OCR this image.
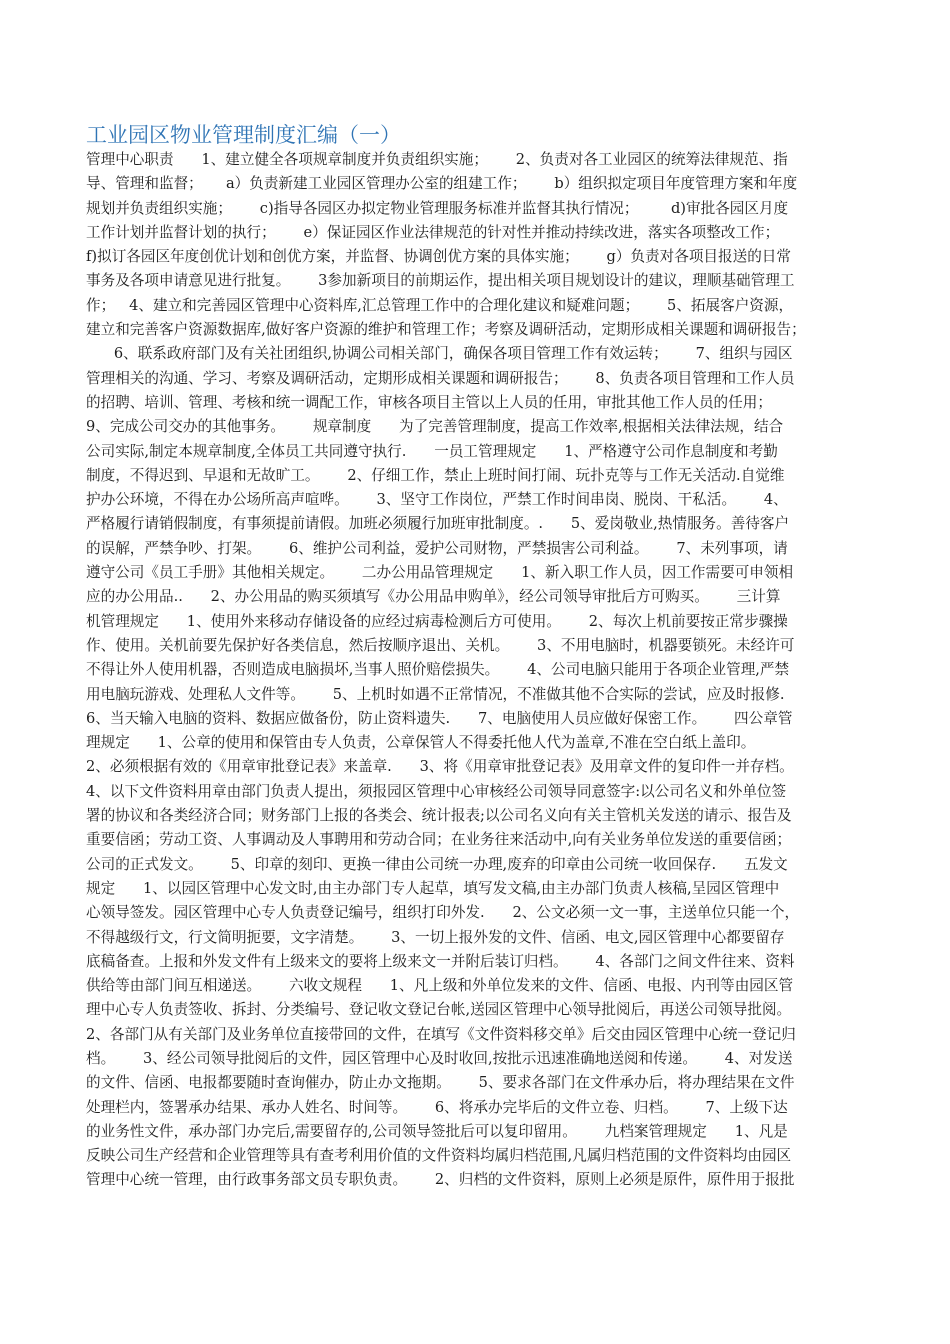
工业园区物业管理制度汇编（一）
管理中心职责      1、建立健全各项规章制度并负责组织实施；      2、负责对各工业园区的统筹法律规范、指
导、管理和监督；     a）负责新建工业园区管理办公室的组建工作；      b）组织拟定项目年度管理方案和年度
规划并负责组织实施；      c)指导各园区办拟定物业管理服务标准并监督其执行情况；       d)审批各园区月度
工作计划并监督计划的执行；      e）保证园区作业法律规范的针对性并推动持续改进，落实各项整改工作；
f)拟订各园区年度创优计划和创优方案，并监督、协调创优方案的具体实施；      g）负责对各项目报送的日常
事务及各项申请意见进行批复。      3参加新项目的前期运作，提出相关项目规划设计的建议，理顺基础管理工
作；   4、建立和完善园区管理中心资料库,汇总管理工作中的合理化建议和疑难问题；      5、拓展客户资源，
建立和完善客户资源数据库,做好客户资源的维护和管理工作；考察及调研活动，定期形成相关课题和调研报告；
6、联系政府部门及有关社团组织,协调公司相关部门，确保各项目管理工作有效运转；      7、组织与园区
管理相关的沟通、学习、考察及调研活动，定期形成相关课题和调研报告；      8、负责各项目管理和工作人员
的招聘、培训、管理、考核和统一调配工作，审核各项目主管以上人员的任用，审批其他工作人员的任用；
9、完成公司交办的其他事务。      规章制度      为了完善管理制度，提高工作效率,根据相关法律法规，结合
公司实际,制定本规章制度,全体员工共同遵守执行.      一员工管理规定      1、严格遵守公司作息制度和考勤
制度，不得迟到、早退和无故旷工。      2、仔细工作，禁止上班时间打闹、玩扑克等与工作无关活动.自觉维
护办公环境，不得在办公场所高声喧哗。      3、坚守工作岗位，严禁工作时间串岗、脱岗、干私活。      4、
严格履行请销假制度，有事须提前请假。加班必须履行加班审批制度。.      5、爱岗敬业,热情服务。善待客户
的误解，严禁争吵、打架。      6、维护公司利益，爱护公司财物，严禁损害公司利益。      7、未列事项，请
遵守公司《员工手册》其他相关规定。      二办公用品管理规定      1、新入职工作人员，因工作需要可申领相
应的办公用品..      2、办公用品的购买须填写《办公用品申购单》，经公司领导审批后方可购买。      三计算
机管理规定      1、使用外来移动存储设备的应经过病毒检测后方可使用。      2、每次上机前要按正常步骤操
作、使用。关机前要先保护好各类信息，然后按顺序退出、关机。      3、不用电脑时，机器要锁死。未经许可
不得让外人使用机器，否则造成电脑损坏,当事人照价赔偿损失。      4、公司电脑只能用于各项企业管理,严禁
用电脑玩游戏、处理私人文件等。      5、上机时如遇不正常情况，不准做其他不合实际的尝试，应及时报修.
6、当天输入电脑的资料、数据应做备份，防止资料遗失.      7、电脑使用人员应做好保密工作。      四公章管
理规定      1、公章的使用和保管由专人负责，公章保管人不得委托他人代为盖章,不准在空白纸上盖印。
2、必须根据有效的《用章审批登记表》来盖章.      3、将《用章审批登记表》及用章文件的复印件一并存档。
4、以下文件资料用章由部门负责人提出，须报园区管理中心审核经公司领导同意签字:以公司名义和外单位签
署的协议和各类经济合同；财务部门上报的各类会、统计报表;以公司名义向有关主管机关发送的请示、报告及
重要信函；劳动工资、人事调动及人事聘用和劳动合同；在业务往来活动中,向有关业务单位发送的重要信函；
公司的正式发文。      5、印章的刻印、更换一律由公司统一办理,废弃的印章由公司统一收回保存.      五发文
规定      1、以园区管理中心发文时,由主办部门专人起草，填写发文稿,由主办部门负责人核稿,呈园区管理中
心领导签发。园区管理中心专人负责登记编号，组织打印外发.      2、公文必须一文一事，主送单位只能一个，
不得越级行文，行文简明扼要，文字清楚。      3、一切上报外发的文件、信函、电文,园区管理中心都要留存
底稿备查。上报和外发文件有上级来文的要将上级来文一并附后装订归档。      4、各部门之间文件往来、资料
供给等由部门间互相递送。      六收文规程      1、凡上级和外单位发来的文件、信函、电报、内刊等由园区管
理中心专人负责签收、拆封、分类编号、登记收文登记台帐,送园区管理中心领导批阅后，再送公司领导批阅。
2、各部门从有关部门及业务单位直接带回的文件，在填写《文件资料移交单》后交由园区管理中心统一登记归
档。      3、经公司领导批阅后的文件，园区管理中心及时收回,按批示迅速准确地送阅和传递。      4、对发送
的文件、信函、电报都要随时查询催办，防止办文拖期。      5、要求各部门在文件承办后，将办理结果在文件
处理栏内，签署承办结果、承办人姓名、时间等。      6、将承办完毕后的文件立卷、归档。      7、上级下达
的业务性文件，承办部门办完后,需要留存的,公司领导签批后可以复印留用。      九档案管理规定      1、凡是
反映公司生产经营和企业管理等具有查考利用价值的文件资料均属归档范围,凡属归档范围的文件资料均由园区
管理中心统一管理，由行政事务部文员专职负责。      2、归档的文件资料，原则上必须是原件，原件用于报批
